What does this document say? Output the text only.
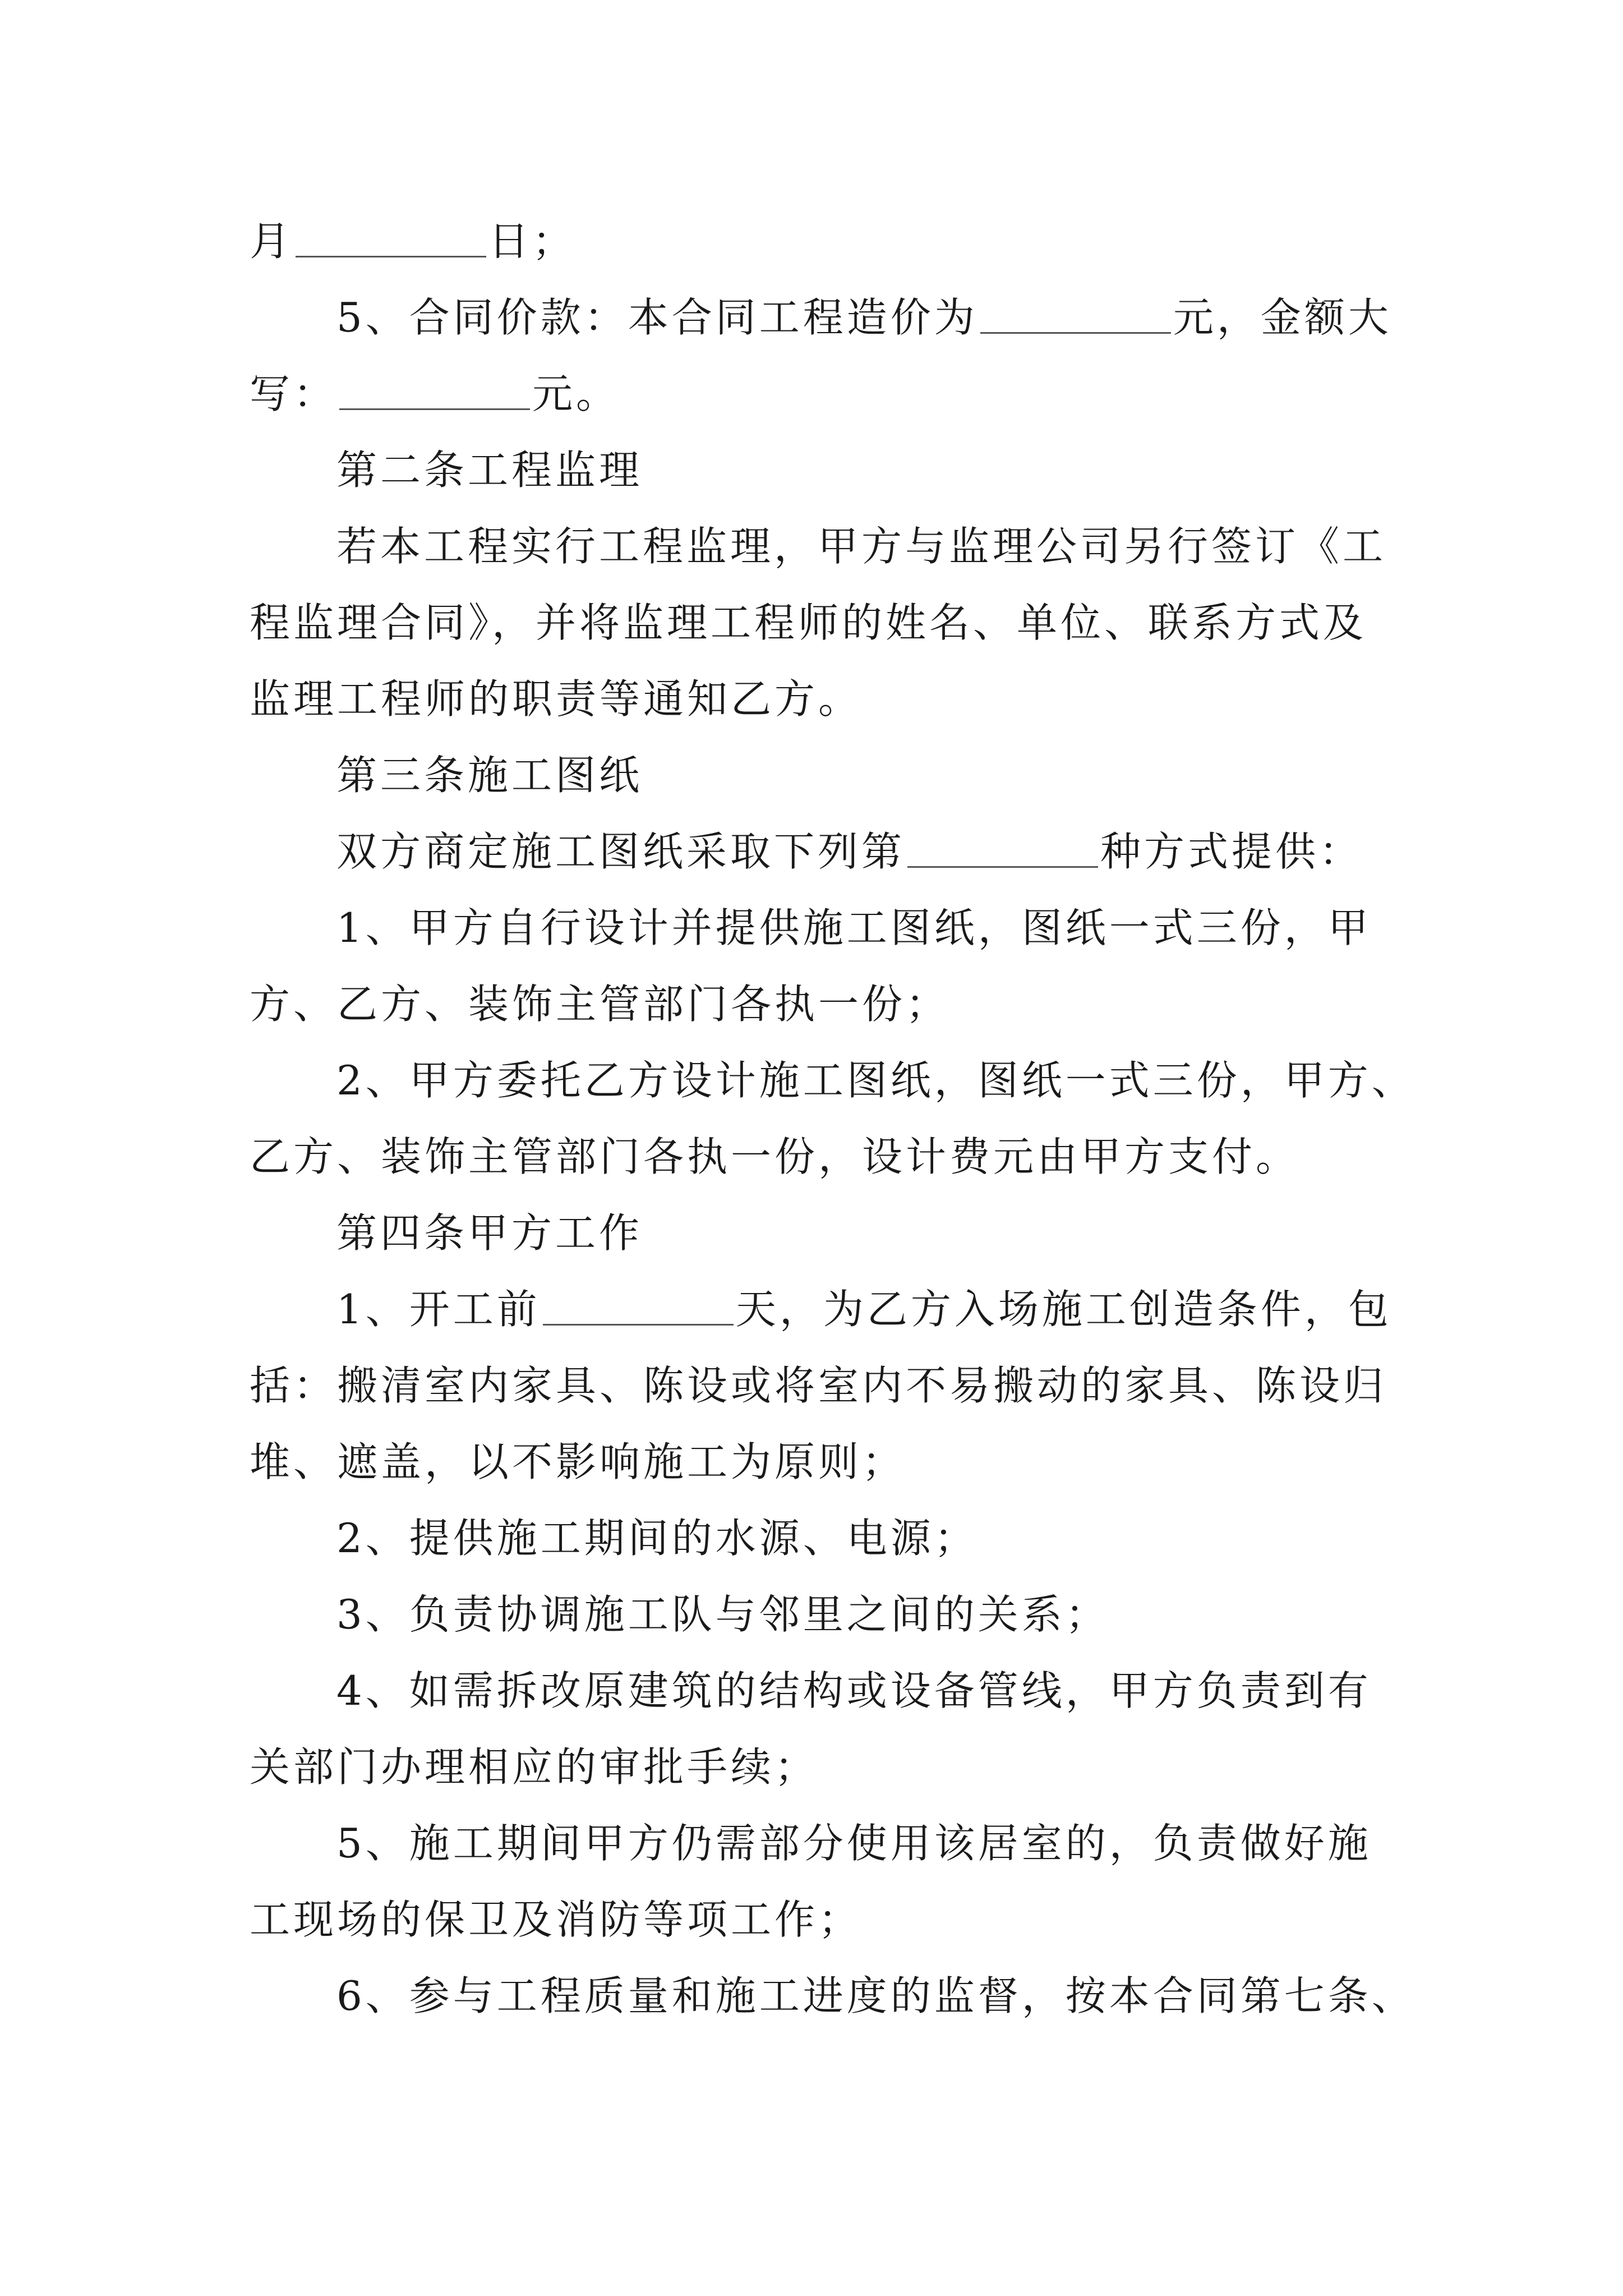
月	日；
5、合同价款：本合同工程造价为	元，金额大
写：	元。
第二条工程监理
若本工程实行工程监理，甲方与监理公司另行签订《工
程监理合同》，并将监理工程师的姓名、单位、联系方式及
监理工程师的职责等通知乙方。
第三条施工图纸
双方商定施工图纸采取下列第	种方式提供：
1、甲方自行设计并提供施工图纸，图纸一式三份，甲
方、乙方、装饰主管部门各执一份；
2、甲方委托乙方设计施工图纸，图纸一式三份，甲方、
乙方、装饰主管部门各执一份，设计费元由甲方支付。
第四条甲方工作
1、开工前	天，为乙方入场施工创造条件，包
括：搬清室内家具、陈设或将室内不易搬动的家具、陈设归
堆、遮盖，以不影响施工为原则；
2、提供施工期间的水源、电源；
3、负责协调施工队与邻里之间的关系；
4、如需拆改原建筑的结构或设备管线，甲方负责到有
关部门办理相应的审批手续；
5、施工期间甲方仍需部分使用该居室的，负责做好施
工现场的保卫及消防等项工作；
6、参与工程质量和施工进度的监督，按本合同第七条、
